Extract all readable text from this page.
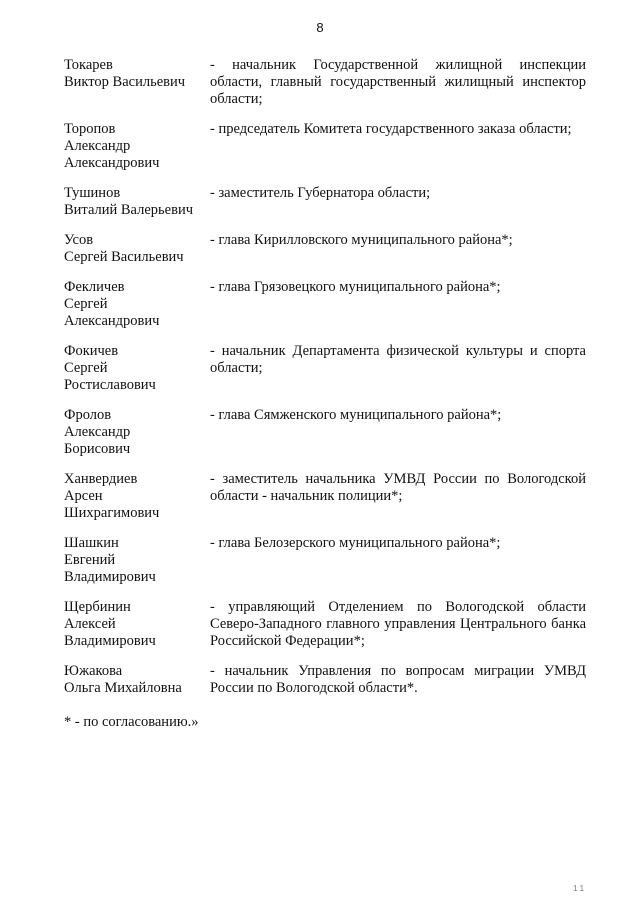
8
Токарев
Виктор Васильевич
- начальник Государственной жилищной инспекции области, главный государственный жилищный инспектор области;
Торопов
Александр
Александрович
- председатель Комитета государственного заказа области;
Тушинов
Виталий Валерьевич
- заместитель Губернатора области;
Усов
Сергей Васильевич
- глава Кирилловского муниципального района*;
Фекличев
Сергей
Александрович
- глава Грязовецкого муниципального района*;
Фокичев
Сергей
Ростиславович
- начальник Департамента физической культуры и спорта области;
Фролов
Александр
Борисович
- глава Сямженского муниципального района*;
Ханвердиев
Арсен
Шихрагимович
- заместитель начальника УМВД России по Вологодской области - начальник полиции*;
Шашкин
Евгений
Владимирович
- глава Белозерского муниципального района*;
Щербинин
Алексей
Владимирович
- управляющий Отделением по Вологодской области Северо-Западного главного управления Центрального банка Российской Федерации*;
Южакова
Ольга Михайловна
- начальник Управления по вопросам миграции УМВД России по Вологодской области*.
* - по согласованию.»
1 1
